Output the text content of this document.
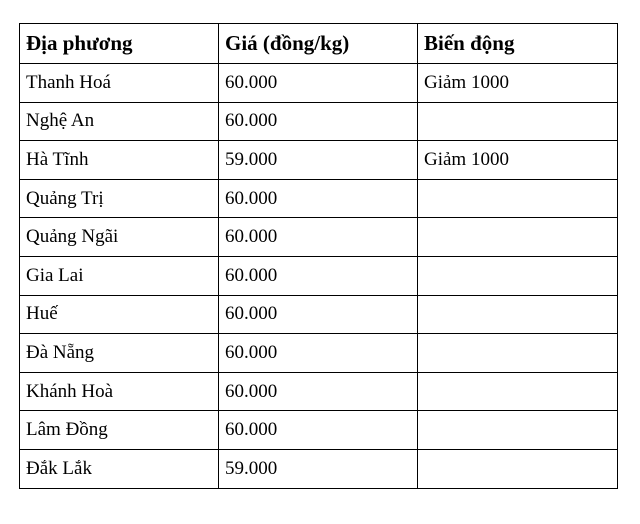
Địa phương	Giá (đồng/kg)	Biến động
Thanh Hoá	60.000	Giảm 1000
Nghệ An	60.000	
Hà Tĩnh	59.000	Giảm 1000
Quảng Trị	60.000	
Quảng Ngãi	60.000	
Gia Lai	60.000	
Huế	60.000	
Đà Nẵng	60.000	
Khánh Hoà	60.000	
Lâm Đồng	60.000	
Đắk Lắk	59.000	
